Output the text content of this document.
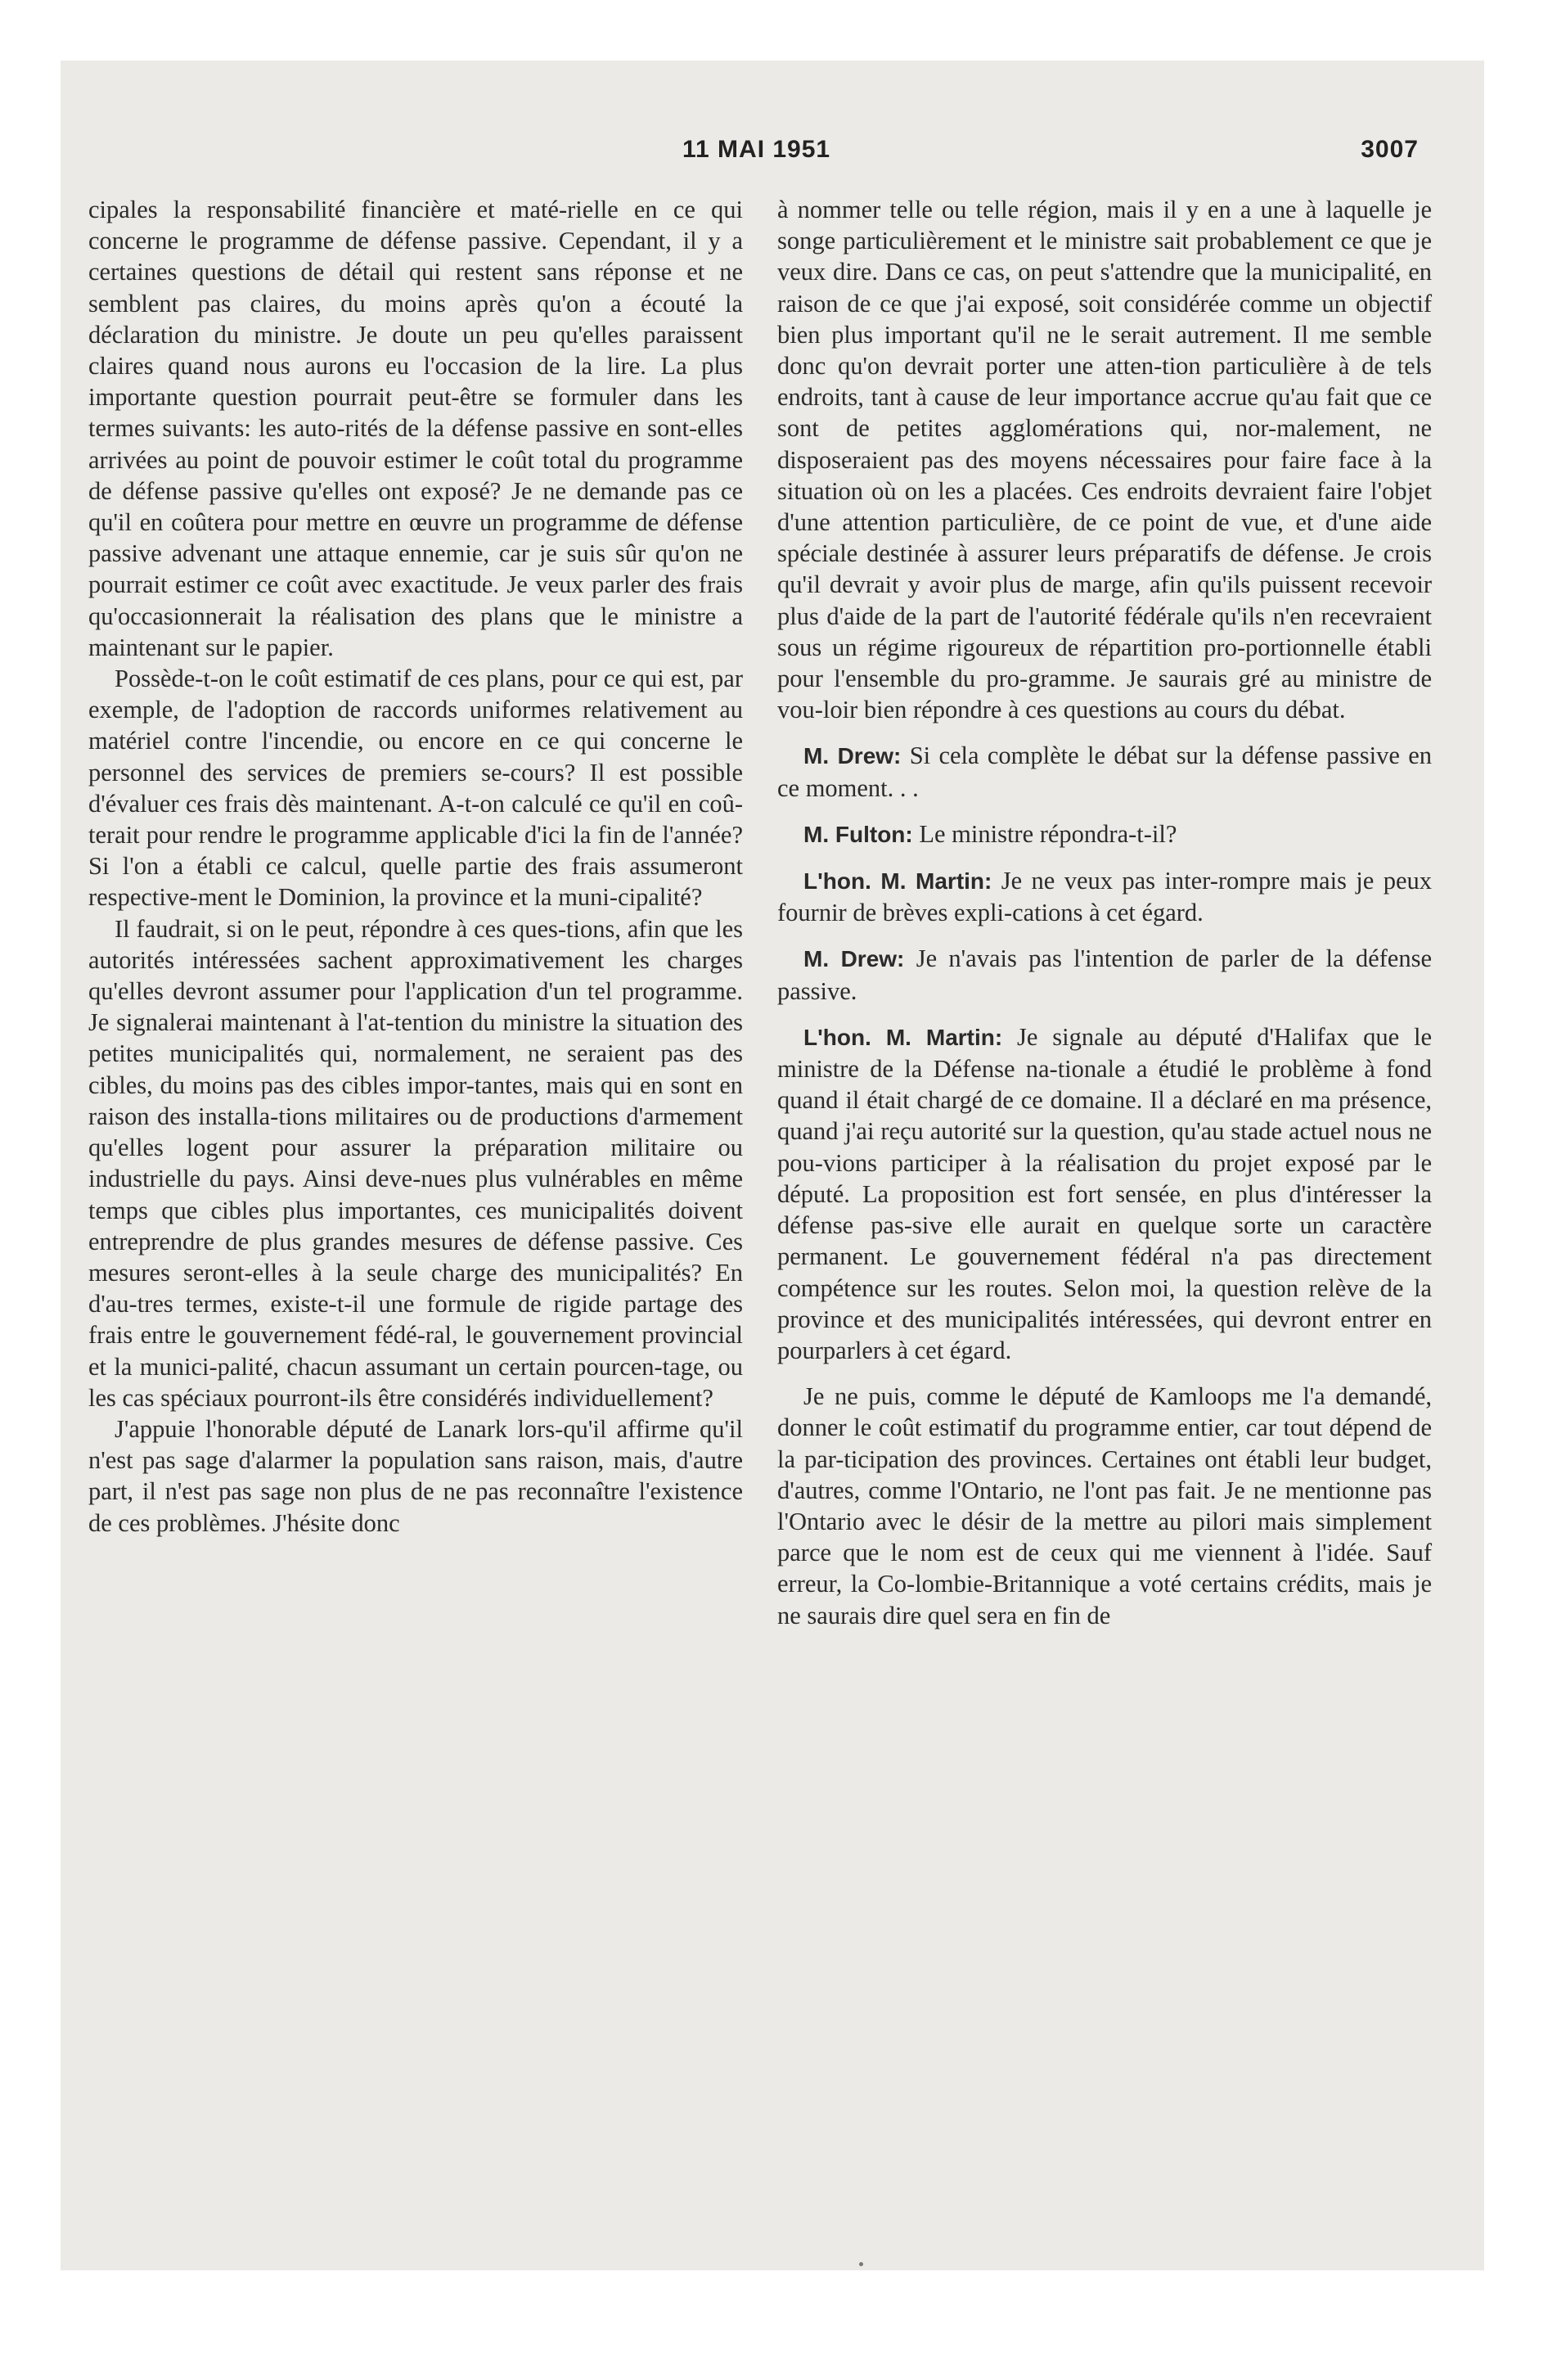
11 MAI 1951	3007

cipales la responsabilité financière et maté-rielle en ce qui concerne le programme de défense passive. Cependant, il y a certaines questions de détail qui restent sans réponse et ne semblent pas claires, du moins après qu'on a écouté la déclaration du ministre. Je doute un peu qu'elles paraissent claires quand nous aurons eu l'occasion de la lire. La plus importante question pourrait peut-être se formuler dans les termes suivants: les auto-rités de la défense passive en sont-elles arrivées au point de pouvoir estimer le coût total du programme de défense passive qu'elles ont exposé? Je ne demande pas ce qu'il en coûtera pour mettre en œuvre un programme de défense passive advenant une attaque ennemie, car je suis sûr qu'on ne pourrait estimer ce coût avec exactitude. Je veux parler des frais qu'occasionnerait la réalisation des plans que le ministre a maintenant sur le papier.

Possède-t-on le coût estimatif de ces plans, pour ce qui est, par exemple, de l'adoption de raccords uniformes relativement au matériel contre l'incendie, ou encore en ce qui concerne le personnel des services de premiers se-cours? Il est possible d'évaluer ces frais dès maintenant. A-t-on calculé ce qu'il en coû-terait pour rendre le programme applicable d'ici la fin de l'année? Si l'on a établi ce calcul, quelle partie des frais assumeront respective-ment le Dominion, la province et la muni-cipalité?

Il faudrait, si on le peut, répondre à ces ques-tions, afin que les autorités intéressées sachent approximativement les charges qu'elles devront assumer pour l'application d'un tel programme. Je signalerai maintenant à l'at-tention du ministre la situation des petites municipalités qui, normalement, ne seraient pas des cibles, du moins pas des cibles impor-tantes, mais qui en sont en raison des installa-tions militaires ou de productions d'armement qu'elles logent pour assurer la préparation militaire ou industrielle du pays. Ainsi deve-nues plus vulnérables en même temps que cibles plus importantes, ces municipalités doivent entreprendre de plus grandes mesures de défense passive. Ces mesures seront-elles à la seule charge des municipalités? En d'au-tres termes, existe-t-il une formule de rigide partage des frais entre le gouvernement fédé-ral, le gouvernement provincial et la munici-palité, chacun assumant un certain pourcen-tage, ou les cas spéciaux pourront-ils être considérés individuellement?

J'appuie l'honorable député de Lanark lors-qu'il affirme qu'il n'est pas sage d'alarmer la population sans raison, mais, d'autre part, il n'est pas sage non plus de ne pas reconnaître l'existence de ces problèmes. J'hésite donc

à nommer telle ou telle région, mais il y en a une à laquelle je songe particulièrement et le ministre sait probablement ce que je veux dire. Dans ce cas, on peut s'attendre que la municipalité, en raison de ce que j'ai exposé, soit considérée comme un objectif bien plus important qu'il ne le serait autrement. Il me semble donc qu'on devrait porter une atten-tion particulière à de tels endroits, tant à cause de leur importance accrue qu'au fait que ce sont de petites agglomérations qui, nor-malement, ne disposeraient pas des moyens nécessaires pour faire face à la situation où on les a placées. Ces endroits devraient faire l'objet d'une attention particulière, de ce point de vue, et d'une aide spéciale destinée à assurer leurs préparatifs de défense. Je crois qu'il devrait y avoir plus de marge, afin qu'ils puissent recevoir plus d'aide de la part de l'autorité fédérale qu'ils n'en recevraient sous un régime rigoureux de répartition pro-portionnelle établi pour l'ensemble du pro-gramme. Je saurais gré au ministre de vou-loir bien répondre à ces questions au cours du débat.

M. Drew: Si cela complète le débat sur la défense passive en ce moment. . .

M. Fulton: Le ministre répondra-t-il?

L'hon. M. Martin: Je ne veux pas inter-rompre mais je peux fournir de brèves expli-cations à cet égard.

M. Drew: Je n'avais pas l'intention de parler de la défense passive.

L'hon. M. Martin: Je signale au député d'Halifax que le ministre de la Défense na-tionale a étudié le problème à fond quand il était chargé de ce domaine. Il a déclaré en ma présence, quand j'ai reçu autorité sur la question, qu'au stade actuel nous ne pou-vions participer à la réalisation du projet exposé par le député. La proposition est fort sensée, en plus d'intéresser la défense pas-sive elle aurait en quelque sorte un caractère permanent. Le gouvernement fédéral n'a pas directement compétence sur les routes. Selon moi, la question relève de la province et des municipalités intéressées, qui devront entrer en pourparlers à cet égard.

Je ne puis, comme le député de Kamloops me l'a demandé, donner le coût estimatif du programme entier, car tout dépend de la par-ticipation des provinces. Certaines ont établi leur budget, d'autres, comme l'Ontario, ne l'ont pas fait. Je ne mentionne pas l'Ontario avec le désir de la mettre au pilori mais simplement parce que le nom est de ceux qui me viennent à l'idée. Sauf erreur, la Co-lombie-Britannique a voté certains crédits, mais je ne saurais dire quel sera en fin de
